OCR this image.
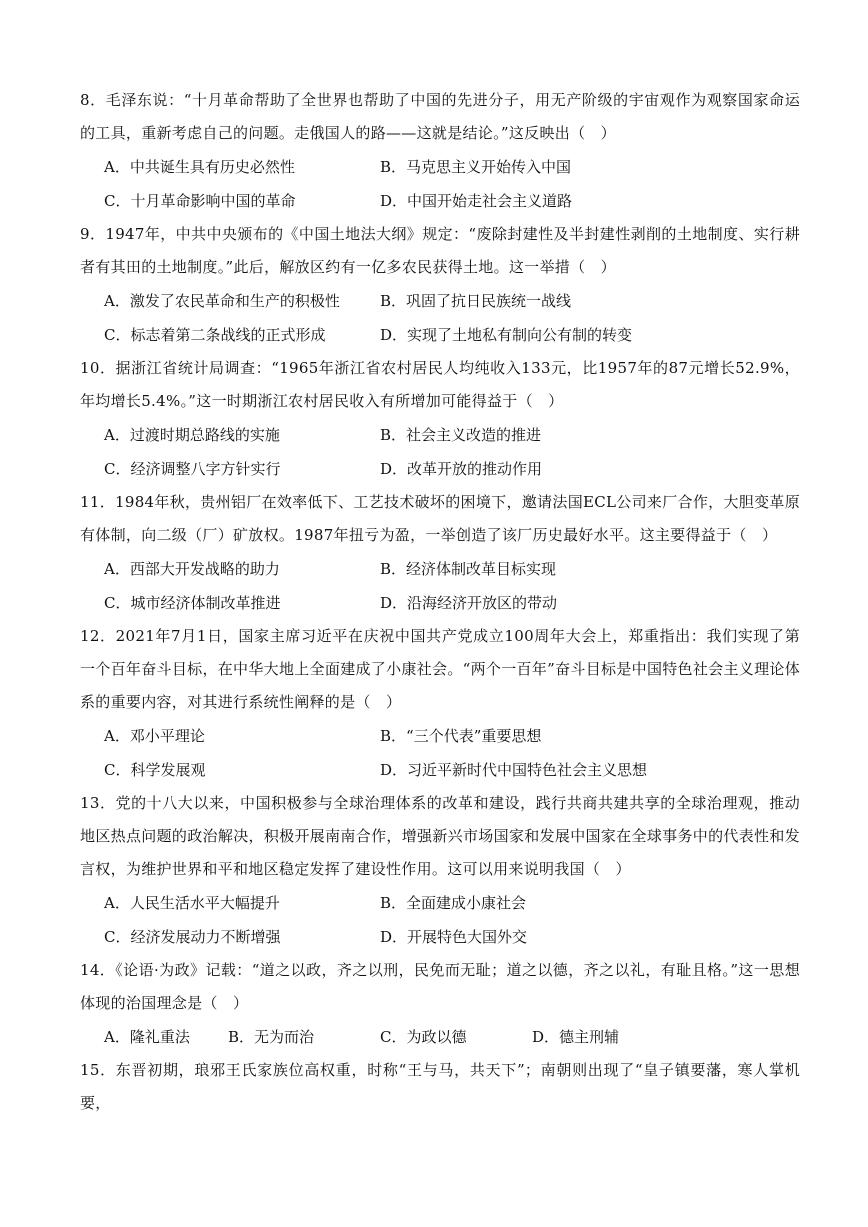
8．毛泽东说：“十月革命帮助了全世界也帮助了中国的先进分子，用无产阶级的宇宙观作为观察国家命运的工具，重新考虑自己的问题。走俄国人的路——这就是结论。”这反映出（　）

A．中共诞生具有历史必然性	B．马克思主义开始传入中国
C．十月革命影响中国的革命	D．中国开始走社会主义道路

9．1947年，中共中央颁布的《中国土地法大纲》规定：“废除封建性及半封建性剥削的土地制度、实行耕者有其田的土地制度。”此后，解放区约有一亿多农民获得土地。这一举措（　）

A．激发了农民革命和生产的积极性	B．巩固了抗日民族统一战线
C．标志着第二条战线的正式形成	D．实现了土地私有制向公有制的转变

10．据浙江省统计局调查：“1965年浙江省农村居民人均纯收入133元，比1957年的87元增长52.9%，年均增长5.4%。”这一时期浙江农村居民收入有所增加可能得益于（　）

A．过渡时期总路线的实施	B．社会主义改造的推进
C．经济调整八字方针实行	D．改革开放的推动作用

11．1984年秋，贵州铝厂在效率低下、工艺技术破坏的困境下，邀请法国ECL公司来厂合作，大胆变革原有体制，向二级（厂）矿放权。1987年扭亏为盈，一举创造了该厂历史最好水平。这主要得益于（　）

A．西部大开发战略的助力	B．经济体制改革目标实现
C．城市经济体制改革推进	D．沿海经济开放区的带动

12．2021年7月1日，国家主席习近平在庆祝中国共产党成立100周年大会上，郑重指出：我们实现了第一个百年奋斗目标，在中华大地上全面建成了小康社会。“两个一百年”奋斗目标是中国特色社会主义理论体系的重要内容，对其进行系统性阐释的是（　）

A．邓小平理论	B．“三个代表”重要思想
C．科学发展观	D．习近平新时代中国特色社会主义思想

13．党的十八大以来，中国积极参与全球治理体系的改革和建设，践行共商共建共享的全球治理观，推动地区热点问题的政治解决，积极开展南南合作，增强新兴市场国家和发展中国家在全球事务中的代表性和发言权，为维护世界和平和地区稳定发挥了建设性作用。这可以用来说明我国（　）

A．人民生活水平大幅提升	B．全面建成小康社会
C．经济发展动力不断增强	D．开展特色大国外交

14．《论语·为政》记载：“道之以政，齐之以刑，民免而无耻；道之以德，齐之以礼，有耻且格。”这一思想体现的治国理念是（　）

A．隆礼重法	B．无为而治	C．为政以德	D．德主刑辅

15．东晋初期，琅邪王氏家族位高权重，时称“王与马，共天下”；南朝则出现了“皇子镇要藩，寒人掌机要，
